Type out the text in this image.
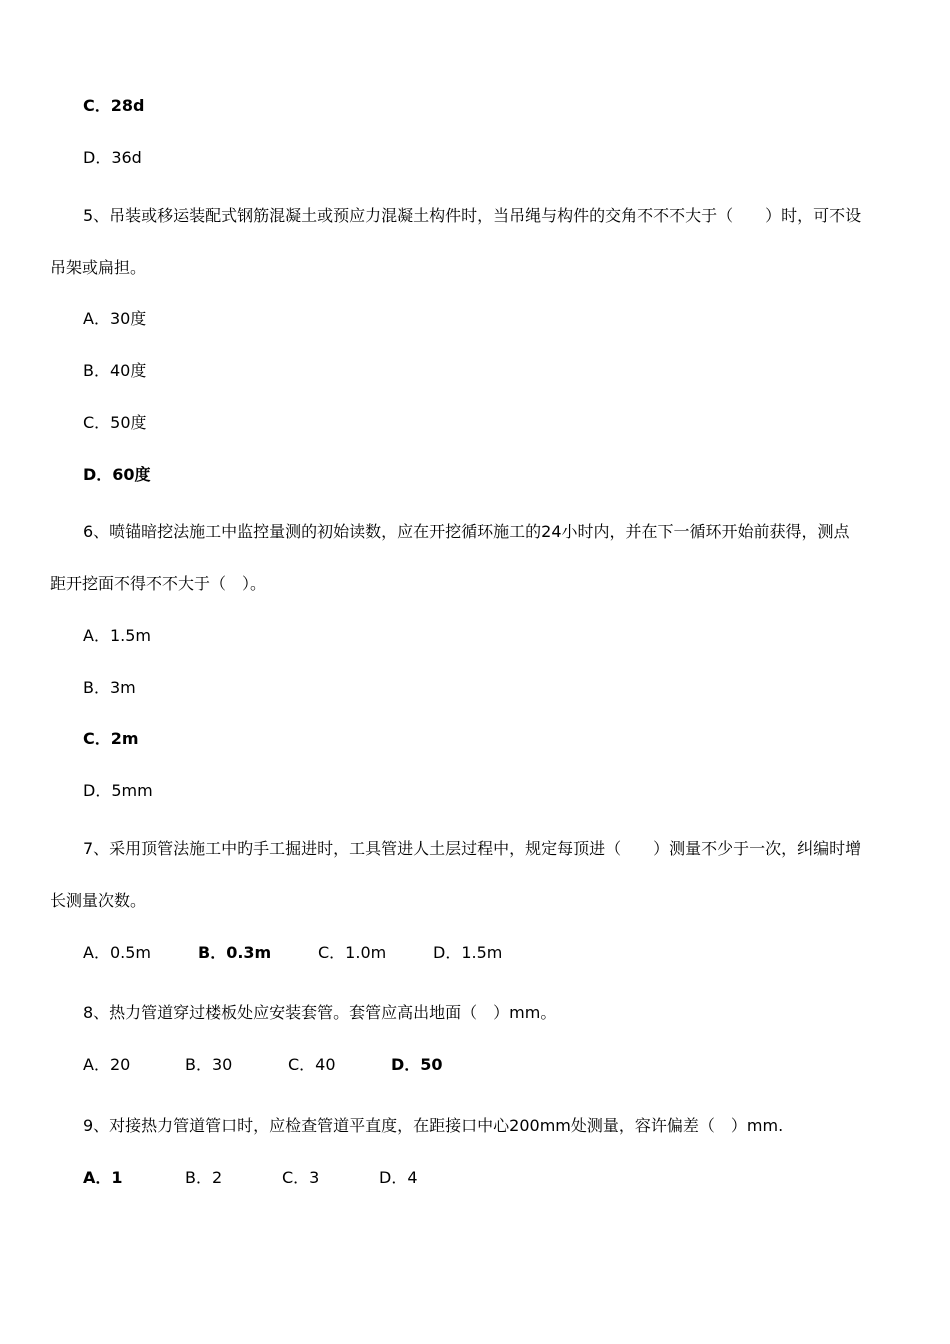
C．28d
D．36d
5、吊装或移运装配式钢筋混凝土或预应力混凝土构件时，当吊绳与构件的交角不不不大于（　　）时，可不设
吊架或扁担。
A．30度
B．40度
C．50度
D．60度
6、喷锚暗挖法施工中监控量测的初始读数，应在开挖循环施工的24小时内，并在下一循环开始前获得，测点
距开挖面不得不不大于（　）。
A．1.5m
B．3m
C．2m
D．5mm
7、采用顶管法施工中旳手工掘进时，工具管进人土层过程中，规定每顶进（　　）测量不少于一次，纠编时增
长测量次数。
A．0.5m	B．0.3m	C．1.0m	D．1.5m
8、热力管道穿过楼板处应安装套管。套管应高出地面（　）mm。
A．20	B．30	C．40	D．50
9、对接热力管道管口时，应检查管道平直度，在距接口中心200mm处测量，容许偏差（　）mm.
A．1	B．2	C．3	D．4
